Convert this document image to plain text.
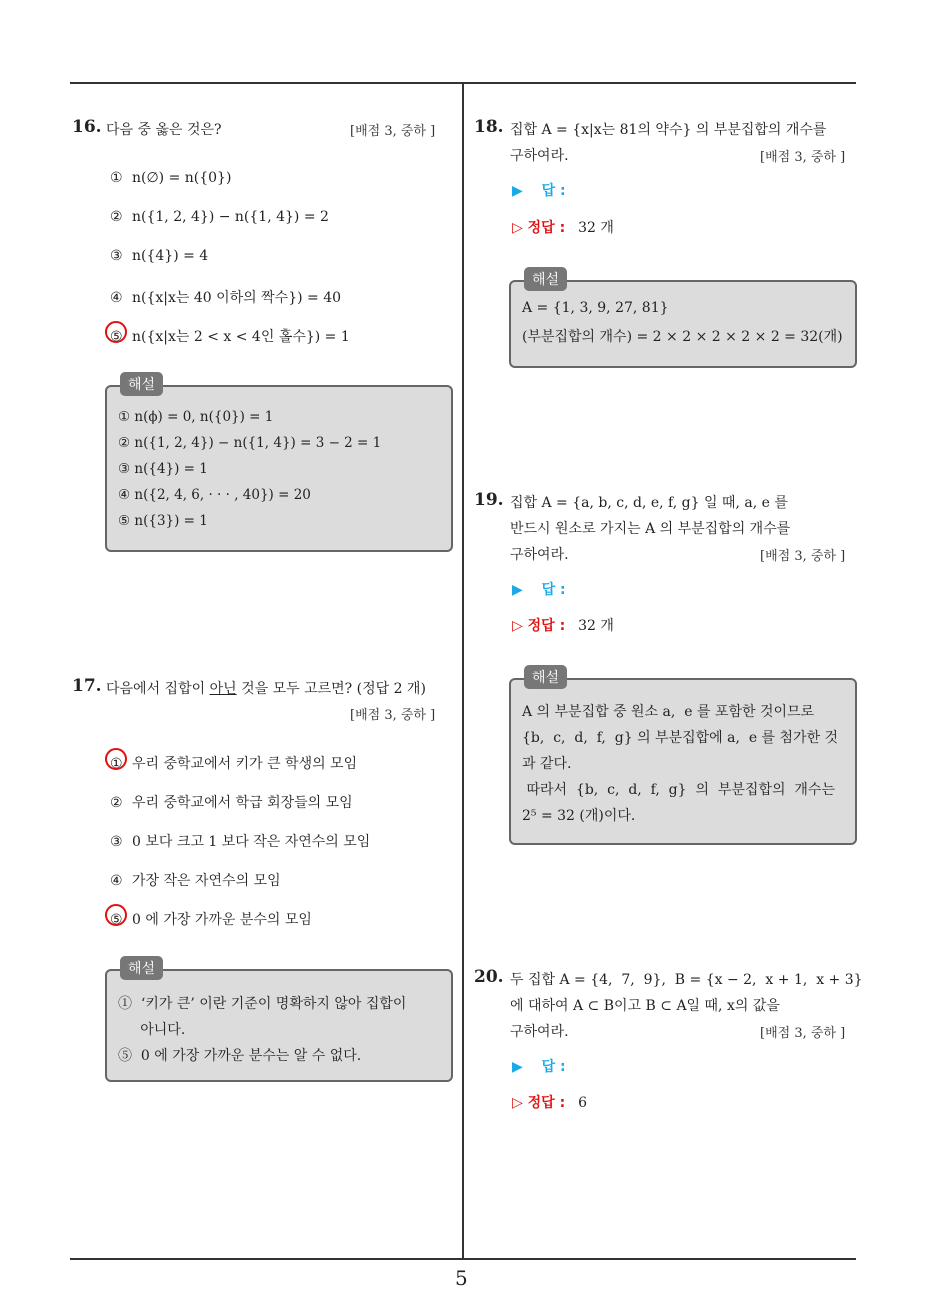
5
16. 다음 중 옳은 것은?	[배점 3, 중하 ]
① n(∅) = n({0})
② n({1, 2, 4}) − n({1, 4}) = 2
③ n({4}) = 4
④ n({x|x는 40 이하의 짝수}) = 40
⑤ n({x|x는 2 < x < 4인 홀수}) = 1
해설
① n(ϕ) = 0, n({0}) = 1
② n({1, 2, 4}) − n({1, 4}) = 3 − 2 = 1
③ n({4}) = 1
④ n({2, 4, 6, · · · , 40}) = 20
⑤ n({3}) = 1
17. 다음에서 집합이 아닌 것을 모두 고르면? (정답 2 개)
[배점 3, 중하 ]
① 우리 중학교에서 키가 큰 학생의 모임
② 우리 중학교에서 학급 회장들의 모임
③ 0 보다 크고 1 보다 작은 자연수의 모임
④ 가장 작은 자연수의 모임
⑤ 0 에 가장 가까운 분수의 모임
해설
①  ‘키가 큰’ 이란 기준이 명확하지 않아 집합이
아니다.
⑤  0 에 가장 가까운 분수는 알 수 없다.
18. 집합 A = {x|x는 81의 약수} 의 부분집합의 개수를
구하여라.	[배점 3, 중하 ]
▶ 답 :
▷ 정답 : 32 개
해설
A = {1, 3, 9, 27, 81}
(부분집합의 개수) = 2 × 2 × 2 × 2 × 2 = 32(개)
19. 집합 A = {a, b, c, d, e, f, g} 일 때, a, e 를
반드시 원소로 가지는 A 의 부분집합의 개수를
구하여라.	[배점 3, 중하 ]
▶ 답 :
▷ 정답 : 32 개
해설
A 의 부분집합 중 원소 a,  e 를 포함한 것이므로
{b,  c,  d,  f,  g} 의 부분집합에 a,  e 를 첨가한 것
과 같다.
따라서  {b,  c,  d,  f,  g}  의  부분집합의  개수는
2⁵ = 32 (개)이다.
20. 두 집합 A = {4,  7,  9},  B = {x − 2,  x + 1,  x + 3}
에 대하여 A ⊂ B이고 B ⊂ A일 때, x의 값을
구하여라.	[배점 3, 중하 ]
▶ 답 :
▷ 정답 : 6
